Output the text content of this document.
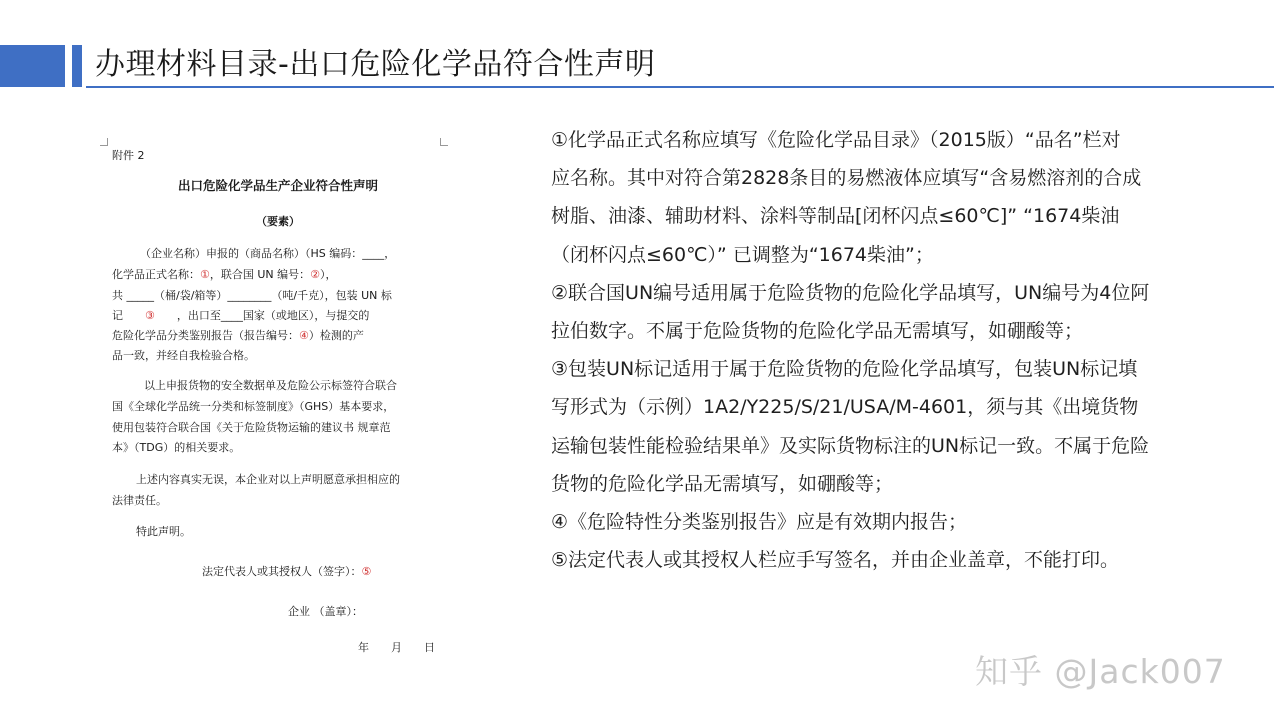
办理材料目录-出口危险化学品符合性声明
附件 2
出口危险化学品生产企业符合性声明
（要素）
（企业名称）申报的（商品名称）（HS 编码：____，
化学品正式名称：①，联合国 UN 编号：②），
共 _____（桶/袋/箱等）________（吨/千克），包装 UN 标
记　　 ③　　 ，出口至____国家（或地区），与提交的
危险化学品分类鉴别报告（报告编号：④）检测的产
品一致，并经自我检验合格。
以上申报货物的安全数据单及危险公示标签符合联合
国《全球化学品统一分类和标签制度》（GHS）基本要求，
使用包装符合联合国《关于危险货物运输的建议书 规章范
本》（TDG）的相关要求。
上述内容真实无误，本企业对以上声明愿意承担相应的
法律责任。
特此声明。
法定代表人或其授权人（签字）：⑤
企业 （盖章）：
年　　月　　日
①化学品正式名称应填写《危险化学品目录》（2015版）“品名”栏对
应名称。其中对符合第2828条目的易燃液体应填写“含易燃溶剂的合成
树脂、油漆、辅助材料、涂料等制品[闭杯闪点≤60℃]” “1674柴油
（闭杯闪点≤60℃）” 已调整为“1674柴油”；
②联合国UN编号适用属于危险货物的危险化学品填写，UN编号为4位阿
拉伯数字。不属于危险货物的危险化学品无需填写，如硼酸等；
③包装UN标记适用于属于危险货物的危险化学品填写，包装UN标记填
写形式为（示例）1A2/Y225/S/21/USA/M-4601，须与其《出境货物
运输包装性能检验结果单》及实际货物标注的UN标记一致。不属于危险
货物的危险化学品无需填写，如硼酸等；
④《危险特性分类鉴别报告》应是有效期内报告；
⑤法定代表人或其授权人栏应手写签名，并由企业盖章，不能打印。
知乎 @Jack007
